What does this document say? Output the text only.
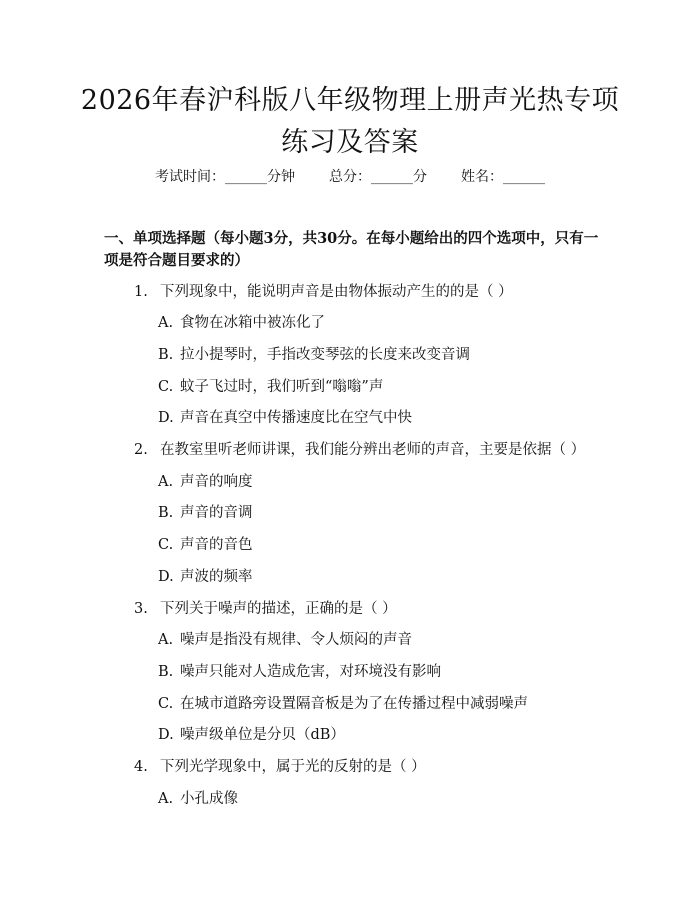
2026年春沪科版八年级物理上册声光热专项
练习及答案
考试时间：______分钟 总分：______分 姓名：______
一、单项选择题（每小题3分，共30分。在每小题给出的四个选项中，只有一项是符合题目要求的）
1. 下列现象中，能说明声音是由物体振动产生的的是（ ）
A. 食物在冰箱中被冻化了
B. 拉小提琴时，手指改变琴弦的长度来改变音调
C. 蚊子飞过时，我们听到“嗡嗡”声
D. 声音在真空中传播速度比在空气中快
2. 在教室里听老师讲课，我们能分辨出老师的声音，主要是依据（ ）
A. 声音的响度
B. 声音的音调
C. 声音的音色
D. 声波的频率
3. 下列关于噪声的描述，正确的是（ ）
A. 噪声是指没有规律、令人烦闷的声音
B. 噪声只能对人造成危害，对环境没有影响
C. 在城市道路旁设置隔音板是为了在传播过程中减弱噪声
D. 噪声级单位是分贝（dB）
4. 下列光学现象中，属于光的反射的是（ ）
A. 小孔成像
